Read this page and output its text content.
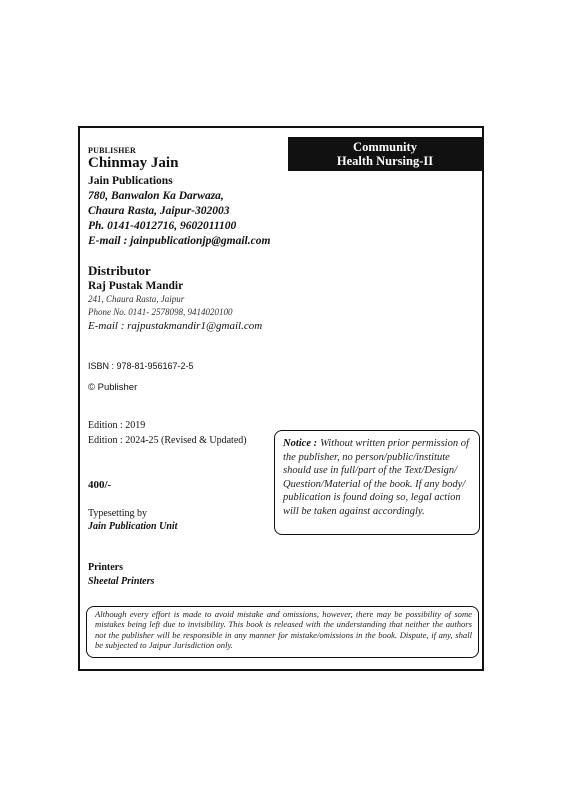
Community
Health Nursing-II
PUBLISHER
Chinmay Jain
Jain Publications
780, Banwalon Ka Darwaza,
Chaura Rasta, Jaipur-302003
Ph. 0141-4012716, 9602011100
E-mail : jainpublicationjp@gmail.com
Distributor
Raj Pustak Mandir
241, Chaura Rasta, Jaipur
Phone No. 0141- 2578098, 9414020100
E-mail : rajpustakmandir1@gmail.com
ISBN : 978-81-956167-2-5
© Publisher
Edition : 2019
Edition : 2024-25 (Revised & Updated)
400/-
Typesetting by
Jain Publication Unit
Printers
Sheetal Printers
Notice : Without written prior permission of the publisher, no person/public/institute should use in full/part of the Text/Design/ Question/Material of the book. If any body/ publication is found doing so, legal action will be taken against accordingly.
Although every effort is made to avoid mistake and omissions, however, there may be possibility of some mistakes being left due to invisibility. This book is released with the understanding that neither the authors not the publisher will be responsible in any manner for mistake/omissions in the book. Dispute, if any, shall be subjected to Jaipur Jurisdiction only.
